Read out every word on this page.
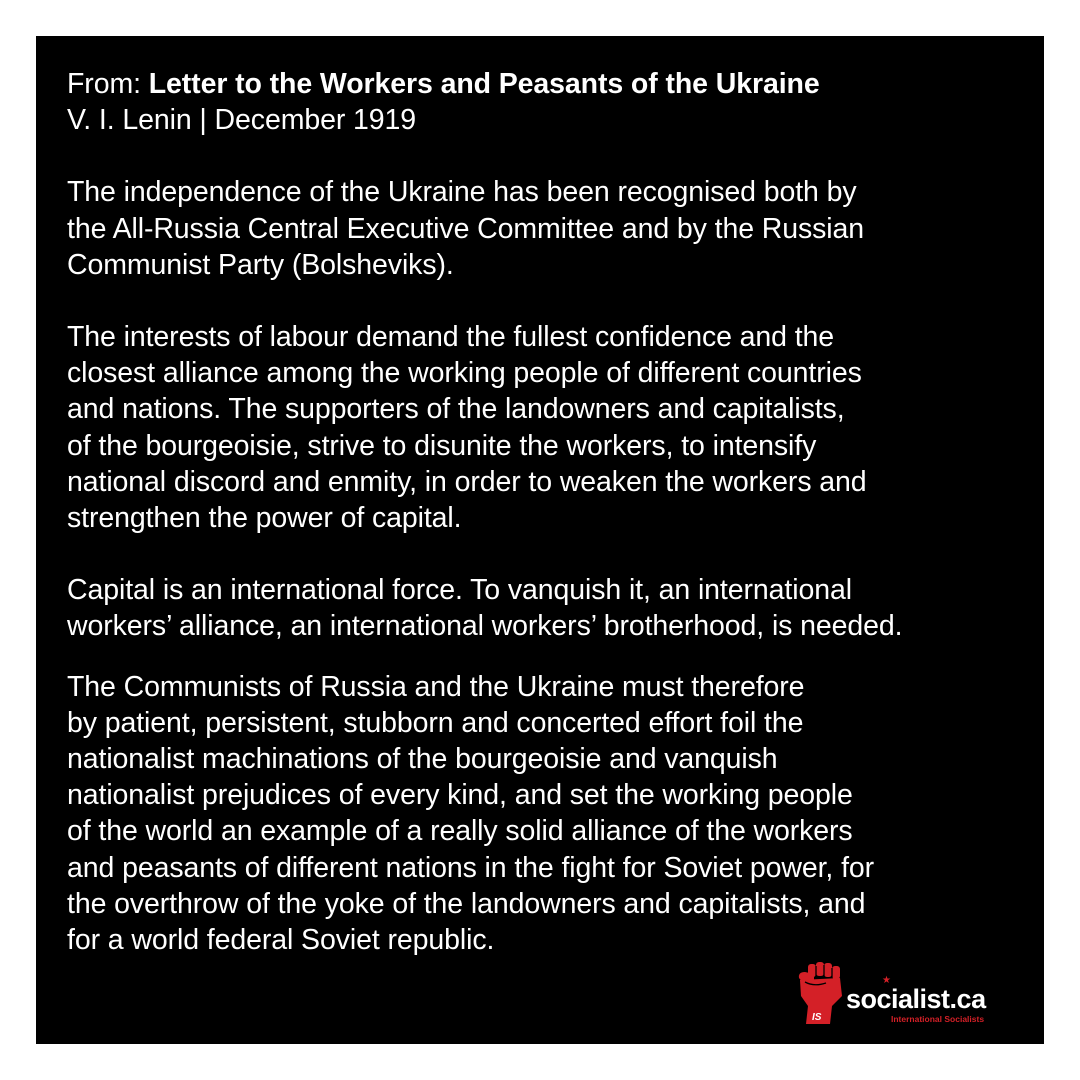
From: Letter to the Workers and Peasants of the Ukraine

V. I. Lenin | December 1919

The independence of the Ukraine has been recognised both by
the All-Russia Central Executive Committee and by the Russian
Communist Party (Bolsheviks).

The interests of labour demand the fullest confidence and the
closest alliance among the working people of different countries
and nations. The supporters of the landowners and capitalists,
of the bourgeoisie, strive to disunite the workers, to intensify
national discord and enmity, in order to weaken the workers and
strengthen the power of capital.

Capital is an international force. To vanquish it, an international
workers’ alliance, an international workers’ brotherhood, is needed.

The Communists of Russia and the Ukraine must therefore
by patient, persistent, stubborn and concerted effort foil the
nationalist machinations of the bourgeoisie and vanquish
nationalist prejudices of every kind, and set the working people
of the world an example of a really solid alliance of the workers
and peasants of different nations in the fight for Soviet power, for
the overthrow of the yoke of the landowners and capitalists, and
for a world federal Soviet republic.

IS
★
socialist.ca
International Socialists
